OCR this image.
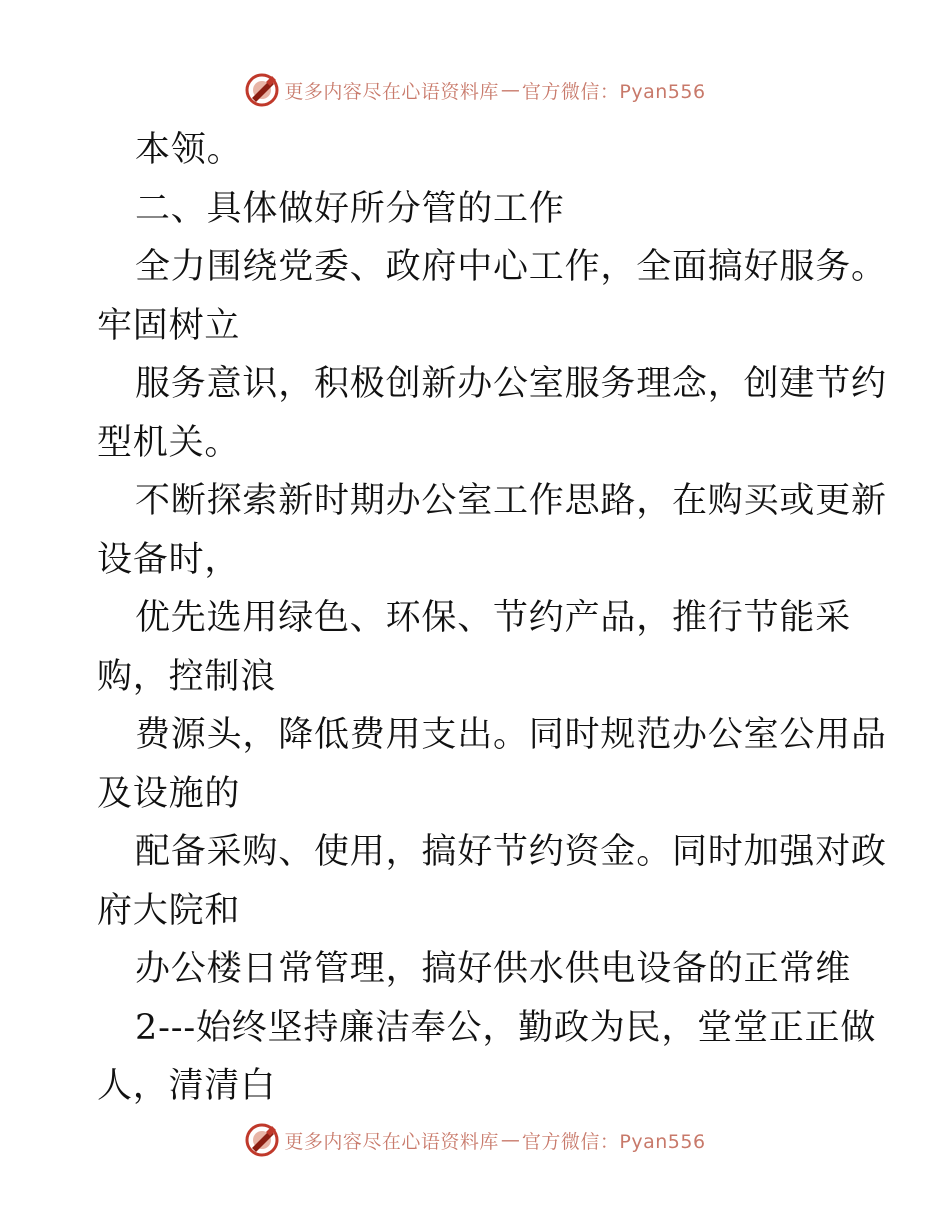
更多内容尽在心语资料库 — 官方微信：Pyan556
本领。
二、具体做好所分管的工作
全力围绕党委、政府中心工作，全面搞好服务。
牢固树立
服务意识，积极创新办公室服务理念，创建节约
型机关。
不断探索新时期办公室工作思路，在购买或更新
设备时，
优先选用绿色、环保、节约产品，推行节能采
购，控制浪
费源头，降低费用支出。同时规范办公室公用品
及设施的
配备采购、使用，搞好节约资金。同时加强对政
府大院和
办公楼日常管理，搞好供水供电设备的正常维
2---始终坚持廉洁奉公，勤政为民，堂堂正正做
人，清清白
更多内容尽在心语资料库 — 官方微信：Pyan556
